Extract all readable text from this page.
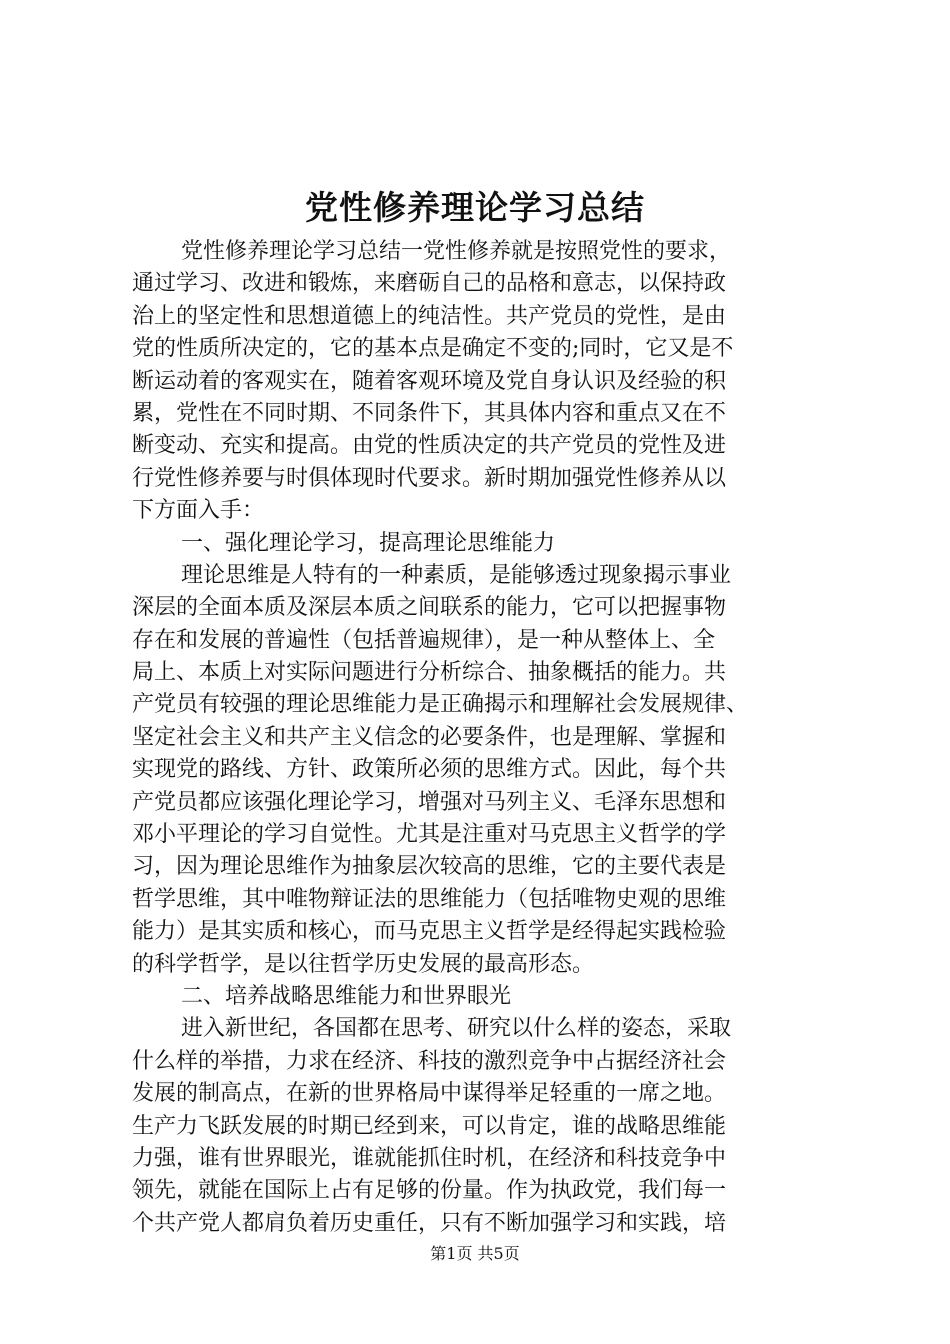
党性修养理论学习总结
党性修养理论学习总结一党性修养就是按照党性的要求，
通过学习、改进和锻炼，来磨砺自己的品格和意志，以保持政
治上的坚定性和思想道德上的纯洁性。共产党员的党性，是由
党的性质所决定的，它的基本点是确定不变的;同时，它又是不
断运动着的客观实在，随着客观环境及党自身认识及经验的积
累，党性在不同时期、不同条件下，其具体内容和重点又在不
断变动、充实和提高。由党的性质决定的共产党员的党性及进
行党性修养要与时俱体现时代要求。新时期加强党性修养从以
下方面入手：
一、强化理论学习，提高理论思维能力
理论思维是人特有的一种素质，是能够透过现象揭示事业
深层的全面本质及深层本质之间联系的能力，它可以把握事物
存在和发展的普遍性（包括普遍规律），是一种从整体上、全
局上、本质上对实际问题进行分析综合、抽象概括的能力。共
产党员有较强的理论思维能力是正确揭示和理解社会发展规律、
坚定社会主义和共产主义信念的必要条件，也是理解、掌握和
实现党的路线、方针、政策所必须的思维方式。因此，每个共
产党员都应该强化理论学习，增强对马列主义、毛泽东思想和
邓小平理论的学习自觉性。尤其是注重对马克思主义哲学的学
习，因为理论思维作为抽象层次较高的思维，它的主要代表是
哲学思维，其中唯物辩证法的思维能力（包括唯物史观的思维
能力）是其实质和核心，而马克思主义哲学是经得起实践检验
的科学哲学，是以往哲学历史发展的最高形态。
二、培养战略思维能力和世界眼光
进入新世纪，各国都在思考、研究以什么样的姿态，采取
什么样的举措，力求在经济、科技的激烈竞争中占据经济社会
发展的制高点，在新的世界格局中谋得举足轻重的一席之地。
生产力飞跃发展的时期已经到来，可以肯定，谁的战略思维能
力强，谁有世界眼光，谁就能抓住时机，在经济和科技竞争中
领先，就能在国际上占有足够的份量。作为执政党，我们每一
个共产党人都肩负着历史重任，只有不断加强学习和实践，培
第1页 共5页
